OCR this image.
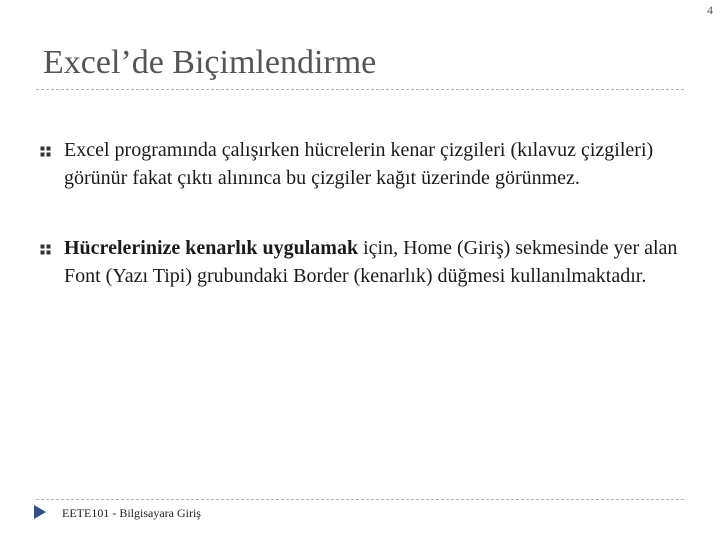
4
Excel’de Biçimlendirme
Excel programında çalışırken hücrelerin kenar çizgileri (kılavuz çizgileri) görünür fakat çıktı alınınca bu çizgiler kağıt üzerinde görünmez.
Hücrelerinize kenarlık uygulamak için, Home (Giriş) sekmesinde yer alan Font (Yazı Tipi) grubundaki Border (kenarlık) düğmesi kullanılmaktadır.
EETE101 - Bilgisayara Giriş
